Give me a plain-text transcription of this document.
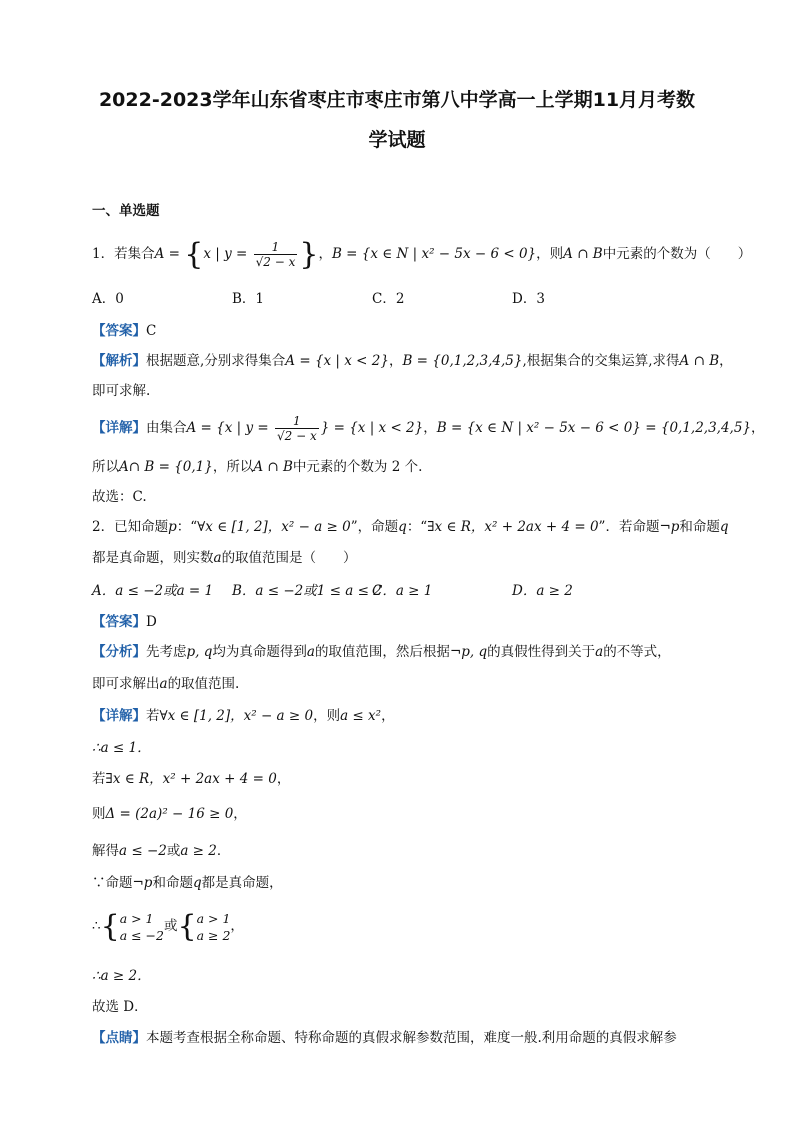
2022-2023学年山东省枣庄市枣庄市第八中学高一上学期11月月考数
学试题
一、单选题
1．若集合A = {x | $y = \frac{1}{√2 - x}$ }，B = {x ∈ N | x² − 5x − 6 < 0}，则A ∩ B中元素的个数为（　　）
A．0	B．1	C．2	D．3
【答案】C
【解析】根据题意,分别求得集合A = {x | x < 2}，B = {0,1,2,3,4,5},根据集合的交集运算,求得A ∩ B，
即可求解.
【详解】由集合A = {x | $y = \frac{1}{√2 - x}$ } = {x | x < 2}，B = {x ∈ N | x² − 5x − 6 < 0} = {0,1,2,3,4,5}，
所以A∩ B = {0,1}，所以A ∩ B中元素的个数为 2 个.
故选：C.
2．已知命题p：“∀x ∈ [1, 2]，x² − a ≥ 0”，命题q：“∃x ∈ R，x² + 2ax + 4 = 0”．若命题¬p和命题q
都是真命题，则实数a的取值范围是（　　）
A．a ≤ −2或a = 1 B．a ≤ −2或1 ≤ a ≤ 2C．a ≥ 1	D．a ≥ 2
【答案】D
【分析】先考虑p, q均为真命题得到a的取值范围，然后根据¬p, q的真假性得到关于a的不等式，
即可求解出a的取值范围.
【详解】若∀x ∈ [1, 2]，x² − a ≥ 0，则a ≤ x²，
∴a ≤ 1．
若∃x ∈ R，x² + 2ax + 4 = 0，
则Δ = (2a)² − 16 ≥ 0，
解得a ≤ −2或a ≥ 2．
∵命题¬p和命题q都是真命题，
∴{ a > 1
a ≤ −2
或{ a > 1
a ≥ 2
，
∴a ≥ 2．
故选 D．
【点睛】本题考查根据全称命题、特称命题的真假求解参数范围，难度一般.利用命题的真假求解参
